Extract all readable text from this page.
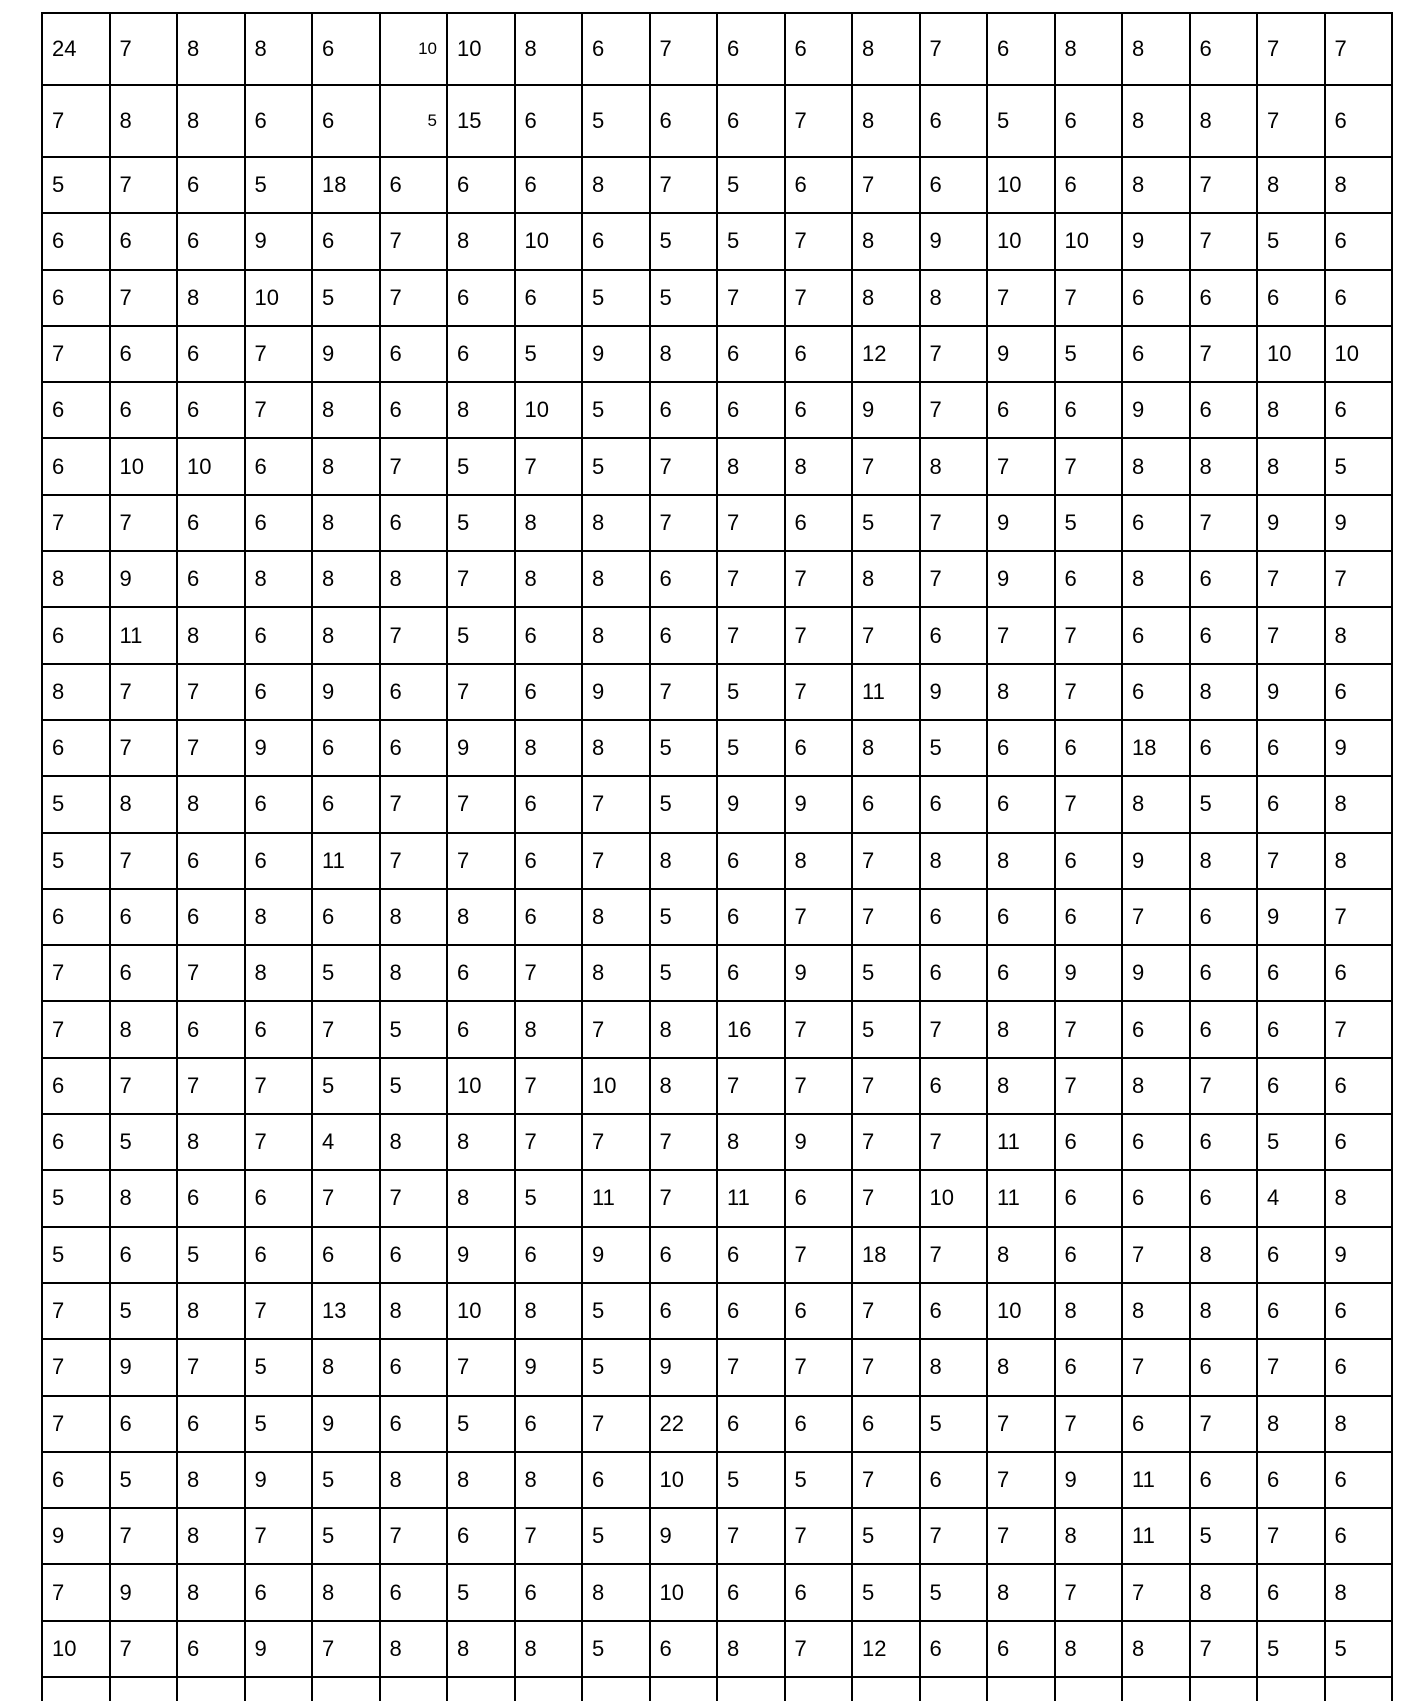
24	7	8	8	6	10	10	8	6	7	6	6	8	7	6	8	8	6	7	7
7	8	8	6	6	5	15	6	5	6	6	7	8	6	5	6	8	8	7	6
5	7	6	5	18	6	6	6	8	7	5	6	7	6	10	6	8	7	8	8
6	6	6	9	6	7	8	10	6	5	5	7	8	9	10	10	9	7	5	6
6	7	8	10	5	7	6	6	5	5	7	7	8	8	7	7	6	6	6	6
7	6	6	7	9	6	6	5	9	8	6	6	12	7	9	5	6	7	10	10
6	6	6	7	8	6	8	10	5	6	6	6	9	7	6	6	9	6	8	6
6	10	10	6	8	7	5	7	5	7	8	8	7	8	7	7	8	8	8	5
7	7	6	6	8	6	5	8	8	7	7	6	5	7	9	5	6	7	9	9
8	9	6	8	8	8	7	8	8	6	7	7	8	7	9	6	8	6	7	7
6	11	8	6	8	7	5	6	8	6	7	7	7	6	7	7	6	6	7	8
8	7	7	6	9	6	7	6	9	7	5	7	11	9	8	7	6	8	9	6
6	7	7	9	6	6	9	8	8	5	5	6	8	5	6	6	18	6	6	9
5	8	8	6	6	7	7	6	7	5	9	9	6	6	6	7	8	5	6	8
5	7	6	6	11	7	7	6	7	8	6	8	7	8	8	6	9	8	7	8
6	6	6	8	6	8	8	6	8	5	6	7	7	6	6	6	7	6	9	7
7	6	7	8	5	8	6	7	8	5	6	9	5	6	6	9	9	6	6	6
7	8	6	6	7	5	6	8	7	8	16	7	5	7	8	7	6	6	6	7
6	7	7	7	5	5	10	7	10	8	7	7	7	6	8	7	8	7	6	6
6	5	8	7	4	8	8	7	7	7	8	9	7	7	11	6	6	6	5	6
5	8	6	6	7	7	8	5	11	7	11	6	7	10	11	6	6	6	4	8
5	6	5	6	6	6	9	6	9	6	6	7	18	7	8	6	7	8	6	9
7	5	8	7	13	8	10	8	5	6	6	6	7	6	10	8	8	8	6	6
7	9	7	5	8	6	7	9	5	9	7	7	7	8	8	6	7	6	7	6
7	6	6	5	9	6	5	6	7	22	6	6	6	5	7	7	6	7	8	8
6	5	8	9	5	8	8	8	6	10	5	5	7	6	7	9	11	6	6	6
9	7	8	7	5	7	6	7	5	9	7	7	5	7	7	8	11	5	7	6
7	9	8	6	8	6	5	6	8	10	6	6	5	5	8	7	7	8	6	8
10	7	6	9	7	8	8	8	5	6	8	7	12	6	6	8	8	7	5	5
